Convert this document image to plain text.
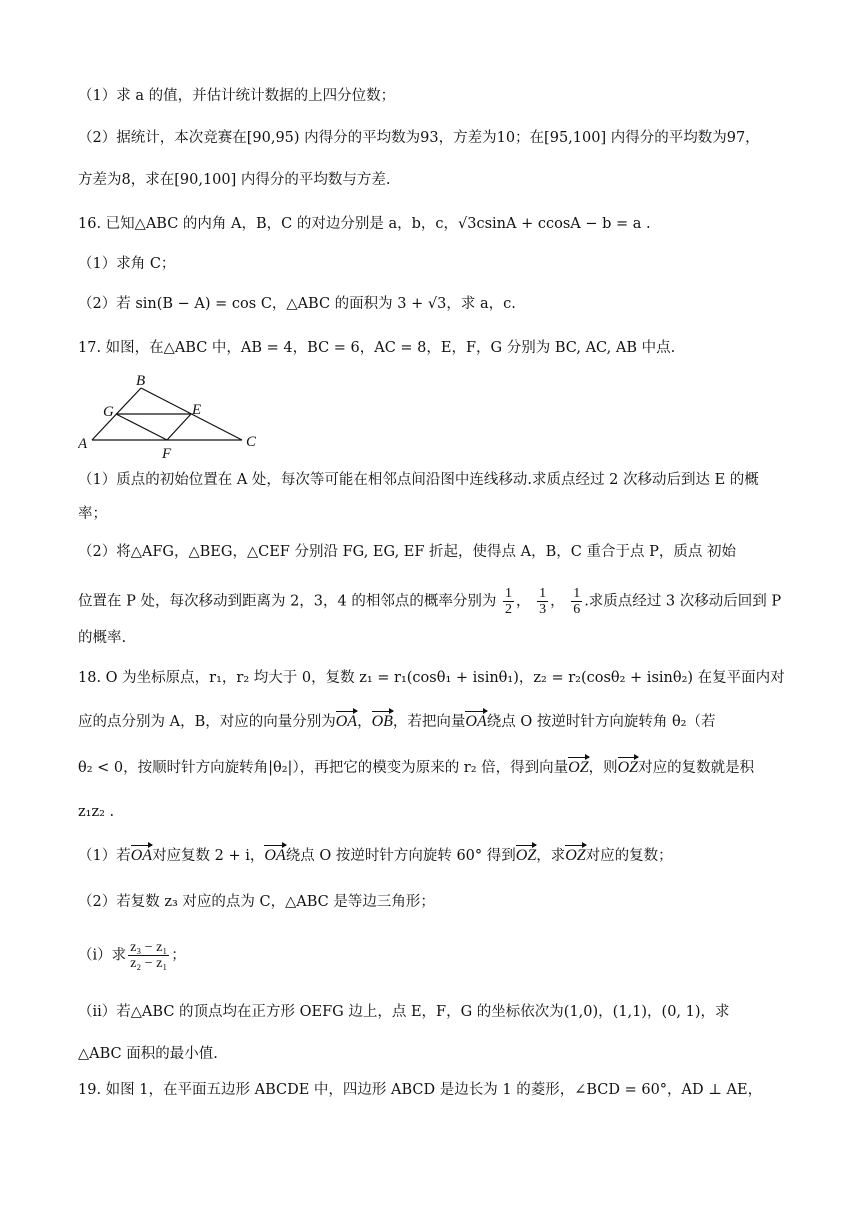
（1）求 a 的值，并估计统计数据的上四分位数；
（2）据统计，本次竞赛在[90,95) 内得分的平均数为93，方差为10；在[95,100] 内得分的平均数为97，
方差为8，求在[90,100] 内得分的平均数与方差.
16. 已知△ABC 的内角 A，B，C 的对边分别是 a，b，c，√3csinA + ccosA − b = a .
（1）求角 C；
（2）若 sin(B − A) = cos C，△ABC 的面积为 3 + √3，求 a，c.
17. 如图，在△ABC 中，AB = 4，BC = 6，AC = 8，E，F，G 分别为 BC, AC, AB 中点.
A
B
C
E
F
G
（1）质点的初始位置在 A 处，每次等可能在相邻点间沿图中连线移动.求质点经过 2 次移动后到达 E 的概
率；
（2）将△AFG，△BEG，△CEF 分别沿 FG, EG, EF 折起，使得点 A，B，C 重合于点 P，质点 初始
位置在 P 处，每次移动到距离为 2，3，4 的相邻点的概率分别为 $\frac{1}{2}$ ， $\frac{1}{3}$ ， $\frac{1}{6}$ .求质点经过 3 次移动后回到 P
的概率.
18. O 为坐标原点，r₁，r₂ 均大于 0，复数 z₁ = r₁(cosθ₁ + isinθ₁)，z₂ = r₂(cosθ₂ + isinθ₂) 在复平面内对
应的点分别为 A，B，对应的向量分别为OA，OB，若把向量OA绕点 O 按逆时针方向旋转角 θ₂（若
θ₂ < 0，按顺时针方向旋转角|θ₂|），再把它的模变为原来的 r₂ 倍，得到向量OZ，则OZ对应的复数就是积
z₁z₂ .
（1）若OA对应复数 2 + i，OA绕点 O 按逆时针方向旋转 60° 得到OZ，求OZ对应的复数；
（2）若复数 z₃ 对应的点为 C，△ABC 是等边三角形；
（ⅰ）求 $\frac{\text{z₃ − z₁}}{\text{z₂ − z₁}}$ ；
（ⅱ）若△ABC 的顶点均在正方形 OEFG 边上，点 E，F，G 的坐标依次为(1,0)，(1,1)，(0, 1)，求
△ABC 面积的最小值.
19. 如图 1，在平面五边形 ABCDE 中，四边形 ABCD 是边长为 1 的菱形，∠BCD = 60°，AD ⊥ AE，
